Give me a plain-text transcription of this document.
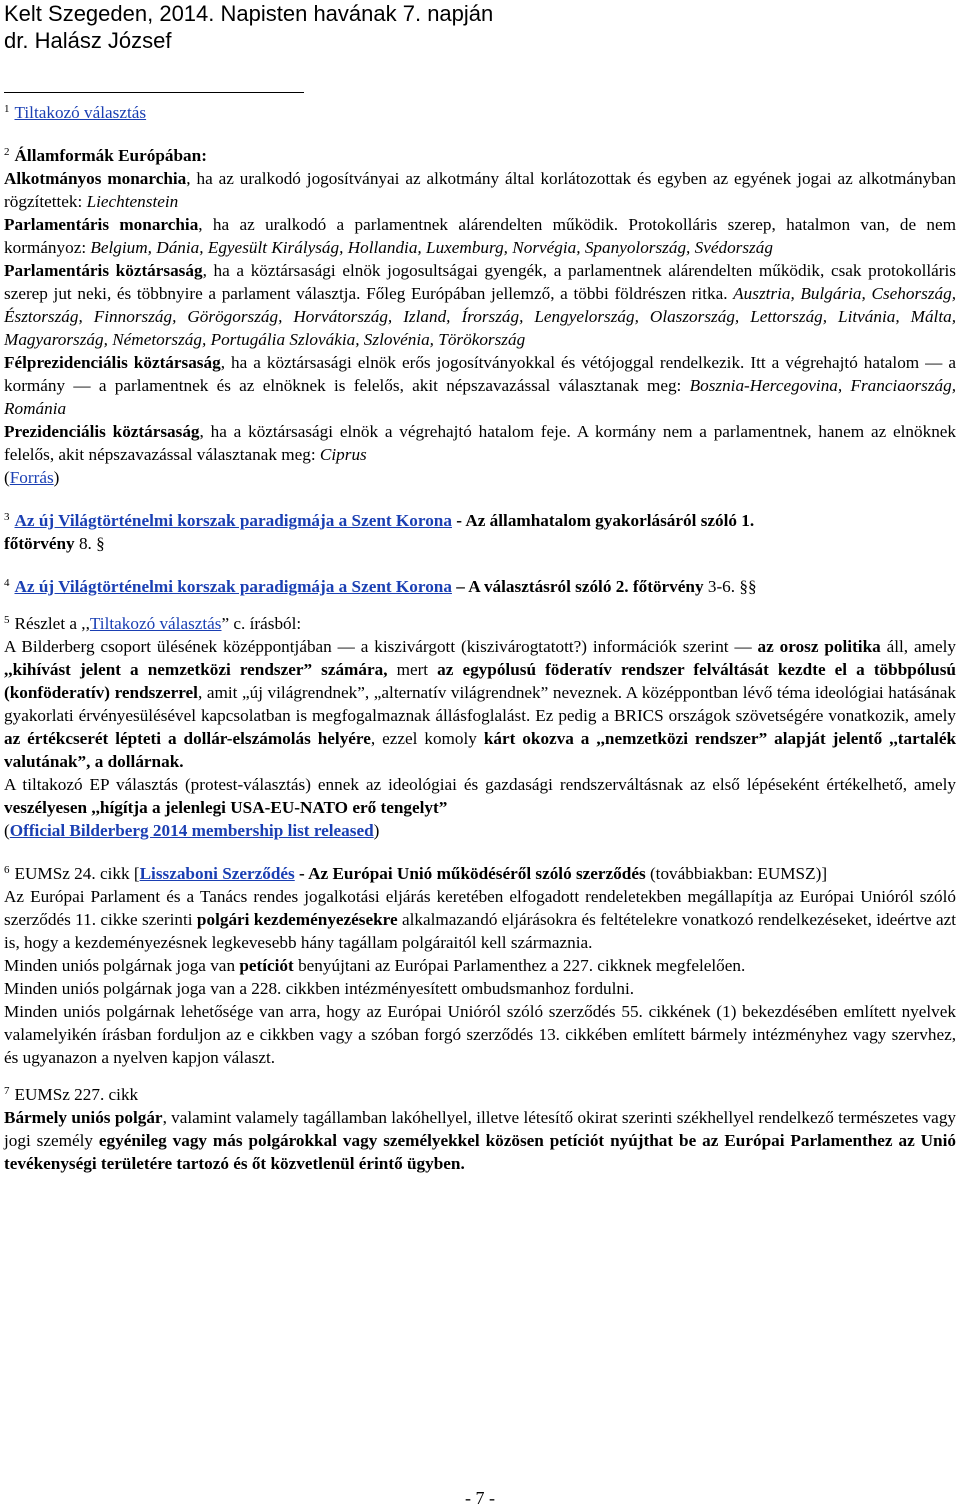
Kelt Szegeden, 2014. Napisten havának 7. napján
dr. Halász József
$^1$ Tiltakozó választás
$^2$ Államformák Európában:
Alkotmányos monarchia, ha az uralkodó jogosítványai az alkotmány által korlátozottak és egyben az egyének jogai az alkotmányban rögzítettek: Liechtenstein
Parlamentáris monarchia, ha az uralkodó a parlamentnek alárendelten működik. Protokolláris szerep, hatalmon van, de nem kormányoz: Belgium, Dánia, Egyesült Királyság, Hollandia, Luxemburg, Norvégia, Spanyolország, Svédország
Parlamentáris köztársaság, ha a köztársasági elnök jogosultságai gyengék, a parlamentnek alárendelten működik, csak protokolláris szerep jut neki, és többnyire a parlament választja. Főleg Európában jellemző, a többi földrészen ritka. Ausztria, Bulgária, Csehország, Észtország, Finnország, Görögország, Horvátország, Izland, Írország, Lengyelország, Olaszország, Lettország, Litvánia, Málta, Magyarország, Németország, Portugália Szlovákia, Szlovénia, Törökország
Félprezidenciális köztársaság, ha a köztársasági elnök erős jogosítványokkal és vétójoggal rendelkezik. Itt a végrehajtó hatalom — a kormány — a parlamentnek és az elnöknek is felelős, akit népszavazással választanak meg: Bosznia-Hercegovina, Franciaország, Románia
Prezidenciális köztársaság, ha a köztársasági elnök a végrehajtó hatalom feje. A kormány nem a parlamentnek, hanem az elnöknek felelős, akit népszavazással választanak meg: Ciprus
(Forrás)
$^3$ Az új Világtörténelmi korszak paradigmája a Szent Korona - Az államhatalom gyakorlásáról szóló 1.
főtörvény 8. §
$^4$ Az új Világtörténelmi korszak paradigmája a Szent Korona – A választásról szóló 2. főtörvény 3-6. §§
$^5$ Részlet a ,,Tiltakozó választás” c. írásból:
A Bilderberg csoport ülésének középpontjában — a kiszivárgott (kiszivárogtatott?) információk szerint — az orosz politika áll, amely ,,kihívást jelent a nemzetközi rendszer” számára, mert az egypólusú föderatív rendszer felváltását kezdte el a többpólusú (konföderatív) rendszerrel, amit „új világrendnek”, „alternatív világrendnek” neveznek. A középpontban lévő téma ideológiai hatásának gyakorlati érvényesülésével kapcsolatban is megfogalmaznak állásfoglalást. Ez pedig a BRICS országok szövetségére vonatkozik, amely az értékcserét lépteti a dollár-elszámolás helyére, ezzel komoly kárt okozva a ,,nemzetközi rendszer” alapját jelentő ,,tartalék valutának”, a dollárnak.
A tiltakozó EP választás (protest-választás) ennek az ideológiai és gazdasági rendszerváltásnak az első lépéseként értékelhető, amely veszélyesen ,,hígítja a jelenlegi USA-EU-NATO erő tengelyt”
(Official Bilderberg 2014 membership list released)
$^6$ EUMSz 24. cikk [Lisszaboni Szerződés - Az Európai Unió működéséről szóló szerződés (továbbiakban: EUMSZ)]
Az Európai Parlament és a Tanács rendes jogalkotási eljárás keretében elfogadott rendeletekben megállapítja az Európai Unióról szóló szerződés 11. cikke szerinti polgári kezdeményezésekre alkalmazandó eljárásokra és feltételekre vonatkozó rendelkezéseket, ideértve azt is, hogy a kezdeményezésnek legkevesebb hány tagállam polgáraitól kell származnia.
Minden uniós polgárnak joga van petíciót benyújtani az Európai Parlamenthez a 227. cikknek megfelelően.
Minden uniós polgárnak joga van a 228. cikkben intézményesített ombudsmanhoz fordulni.
Minden uniós polgárnak lehetősége van arra, hogy az Európai Unióról szóló szerződés 55. cikkének (1) bekezdésében említett nyelvek valamelyikén írásban forduljon az e cikkben vagy a szóban forgó szerződés 13. cikkében említett bármely intézményhez vagy szervhez, és ugyanazon a nyelven kapjon választ.
$^7$ EUMSz 227. cikk
Bármely uniós polgár, valamint valamely tagállamban lakóhellyel, illetve létesítő okirat szerinti székhellyel rendelkező természetes vagy jogi személy egyénileg vagy más polgárokkal vagy személyekkel közösen petíciót nyújthat be az Európai Parlamenthez az Unió tevékenységi területére tartozó és őt közvetlenül érintő ügyben.
- 7 -
